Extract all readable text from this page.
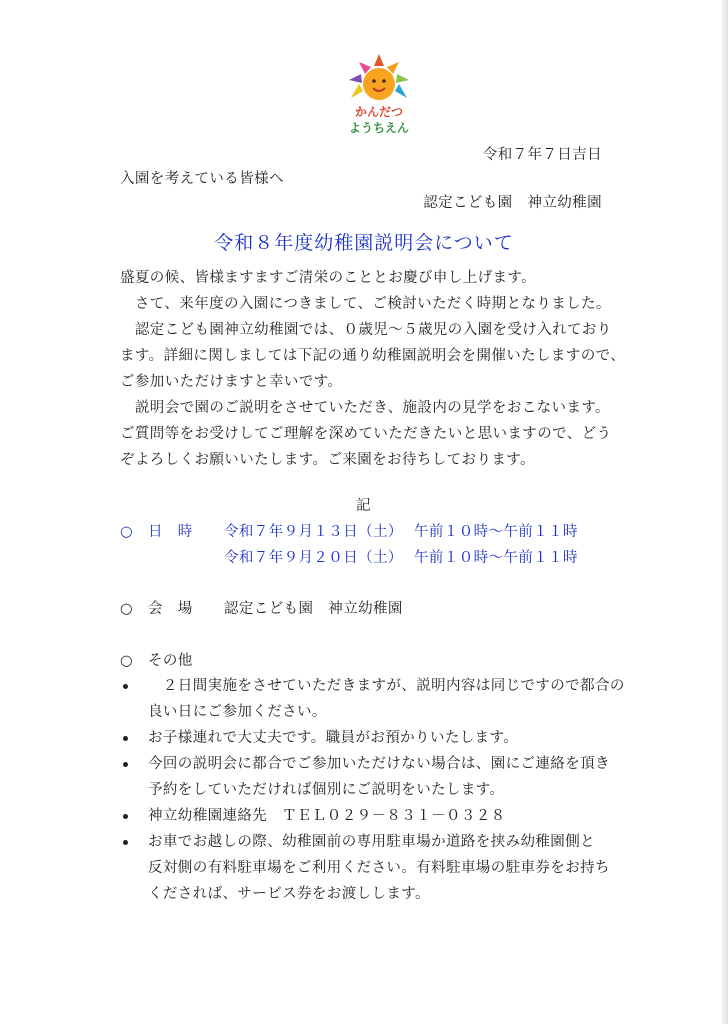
かんだつ
ようちえん
令和７年７日吉日
入園を考えている皆様へ
認定こども園　神立幼稚園
令和８年度幼稚園説明会について
盛夏の候、皆様ますますご清栄のこととお慶び申し上げます。
　さて、来年度の入園につきまして、ご検討いただく時期となりました。
　認定こども園神立幼稚園では、０歳児～５歳児の入園を受け入れており
ます。詳細に関しましては下記の通り幼稚園説明会を開催いたしますので、
ご参加いただけますと幸いです。
　説明会で園のご説明をさせていただき、施設内の見学をおこないます。
ご質問等をお受けしてご理解を深めていただきたいと思いますので、どう
ぞよろしくお願いいたします。ご来園をお待ちしております。
記
○　日　時 令和７年９月１３日（土） 午前１０時～午前１１時
令和７年９月２０日（土） 午前１０時～午前１１時
○　会　場 認定こども園　神立幼稚園
○　その他
　２日間実施をさせていただきますが、説明内容は同じですので都合の
良い日にご参加ください。
お子様連れで大丈夫です。職員がお預かりいたします。
今回の説明会に都合でご参加いただけない場合は、園にご連絡を頂き
予約をしていただければ個別にご説明をいたします。
神立幼稚園連絡先　ＴＥＬ０２９－８３１－０３２８
お車でお越しの際、幼稚園前の専用駐車場か道路を挟み幼稚園側と
反対側の有料駐車場をご利用ください。有料駐車場の駐車券をお持ち
くだされば、サービス券をお渡しします。
